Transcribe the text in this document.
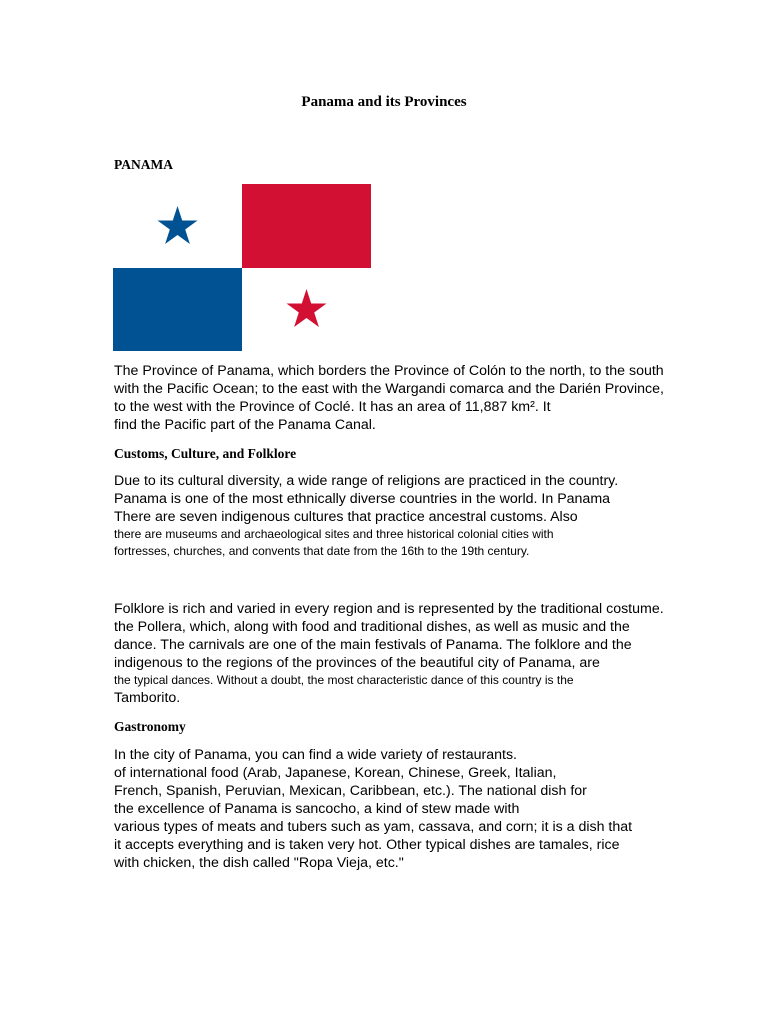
Panama and its Provinces
PANAMA
The Province of Panama, which borders the Province of Colón to the north, to the south
with the Pacific Ocean; to the east with the Wargandi comarca and the Darién Province,
to the west with the Province of Coclé. It has an area of 11,887 km². It
find the Pacific part of the Panama Canal.
Customs, Culture, and Folklore
Due to its cultural diversity, a wide range of religions are practiced in the country.
Panama is one of the most ethnically diverse countries in the world. In Panama
There are seven indigenous cultures that practice ancestral customs. Also
there are museums and archaeological sites and three historical colonial cities with
fortresses, churches, and convents that date from the 16th to the 19th century.
Folklore is rich and varied in every region and is represented by the traditional costume.
the Pollera, which, along with food and traditional dishes, as well as music and the
dance. The carnivals are one of the main festivals of Panama. The folklore and the
indigenous to the regions of the provinces of the beautiful city of Panama, are
the typical dances. Without a doubt, the most characteristic dance of this country is the
Tamborito.
Gastronomy
In the city of Panama, you can find a wide variety of restaurants.
of international food (Arab, Japanese, Korean, Chinese, Greek, Italian,
French, Spanish, Peruvian, Mexican, Caribbean, etc.). The national dish for
the excellence of Panama is sancocho, a kind of stew made with
various types of meats and tubers such as yam, cassava, and corn; it is a dish that
it accepts everything and is taken very hot. Other typical dishes are tamales, rice
with chicken, the dish called "Ropa Vieja, etc."
